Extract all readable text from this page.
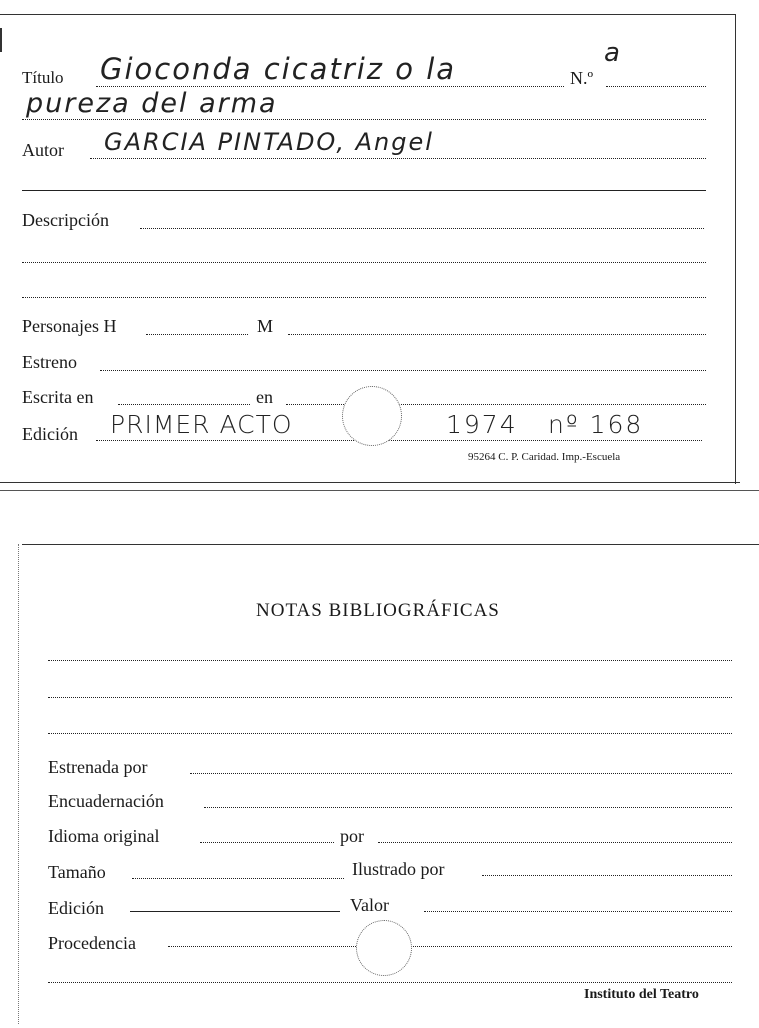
Título Gioconda cicatriz o la	N.º
a
pureza del arma
Autor GARCIA PINTADO, Angel
Descripción
Personajes H	M
Estreno
Escrita en	en
Edición PRIMER ACTO	1974 nº 168
95264 C. P. Caridad. Imp.-Escuela
NOTAS BIBLIOGRÁFICAS
Estrenada por
Encuadernación
Idioma original	por
Tamaño	Ilustrado por
Edición	Valor
Procedencia
Instituto del Teatro
